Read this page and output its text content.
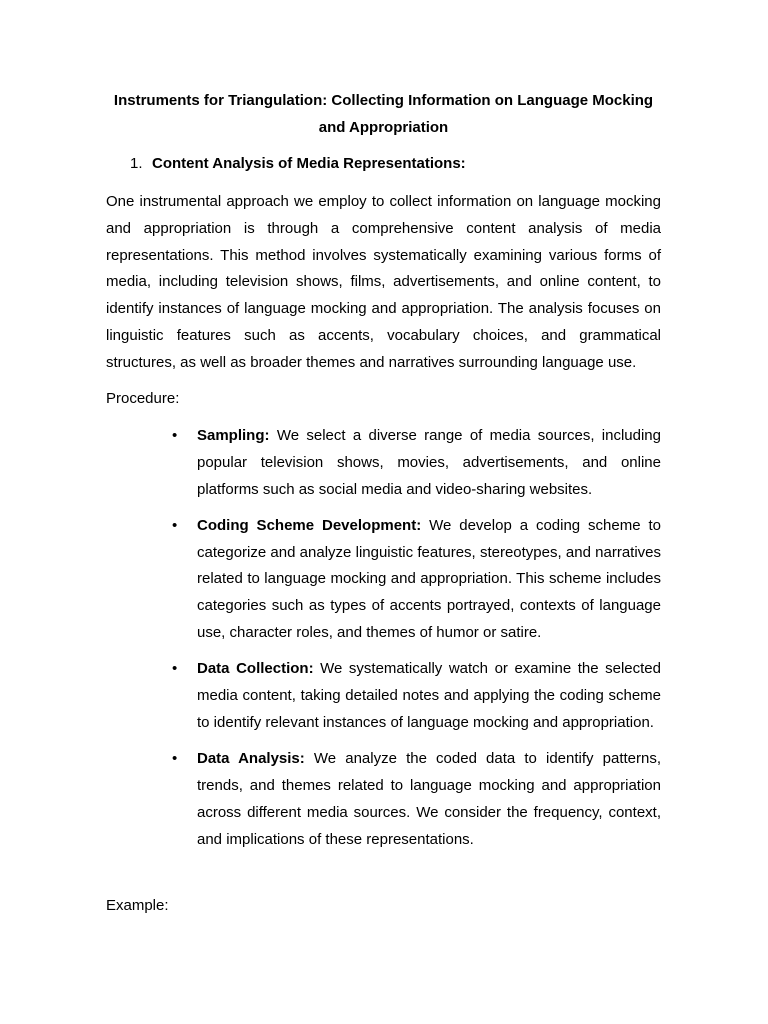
Instruments for Triangulation: Collecting Information on Language Mocking and Appropriation
1. Content Analysis of Media Representations:

One instrumental approach we employ to collect information on language mocking and appropriation is through a comprehensive content analysis of media representations. This method involves systematically examining various forms of media, including television shows, films, advertisements, and online content, to identify instances of language mocking and appropriation. The analysis focuses on linguistic features such as accents, vocabulary choices, and grammatical structures, as well as broader themes and narratives surrounding language use.

Procedure:
•	Sampling: We select a diverse range of media sources, including popular television shows, movies, advertisements, and online platforms such as social media and video-sharing websites.
•	Coding Scheme Development: We develop a coding scheme to categorize and analyze linguistic features, stereotypes, and narratives related to language mocking and appropriation. This scheme includes categories such as types of accents portrayed, contexts of language use, character roles, and themes of humor or satire.
•	Data Collection: We systematically watch or examine the selected media content, taking detailed notes and applying the coding scheme to identify relevant instances of language mocking and appropriation.
•	Data Analysis: We analyze the coded data to identify patterns, trends, and themes related to language mocking and appropriation across different media sources. We consider the frequency, context, and implications of these representations.
Example:
